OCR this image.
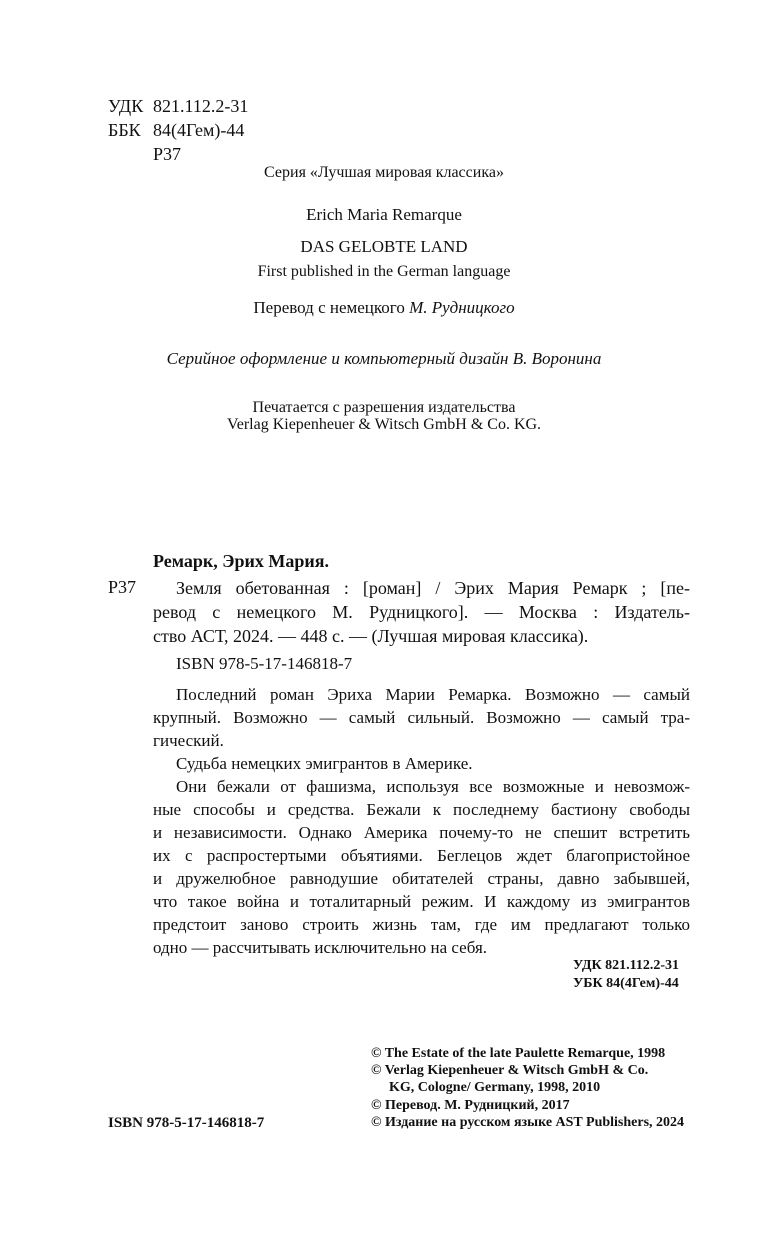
УДК 821.112.2-31
ББК 84(4Гем)-44
Р37
Серия «Лучшая мировая классика»
Erich Maria Remarque
DAS GELOBTE LAND
First published in the German language
Перевод с немецкого М. Рудницкого
Серийное оформление и компьютерный дизайн В. Воронина
Печатается с разрешения издательства
Verlag Kiepenheuer & Witsch GmbH & Co. KG.
Ремарк, Эрих Мария.
Р37 Земля обетованная : [роман] / Эрих Мария Ремарк ; [пе-
ревод с немецкого М. Рудницкого]. — Москва : Издатель-
ство АСТ, 2024. — 448 с. — (Лучшая мировая классика).
ISBN 978-5-17-146818-7
Последний роман Эриха Марии Ремарка. Возможно — самый
крупный. Возможно — самый сильный. Возможно — самый тра-
гический.
Судьба немецких эмигрантов в Америке.
Они бежали от фашизма, используя все возможные и невозмож-
ные способы и средства. Бежали к последнему бастиону свободы
и независимости. Однако Америка почему-то не спешит встретить
их с распростертыми объятиями. Беглецов ждет благопристойное
и дружелюбное равнодушие обитателей страны, давно забывшей,
что такое война и тоталитарный режим. И каждому из эмигрантов
предстоит заново строить жизнь там, где им предлагают только
одно — рассчитывать исключительно на себя.
УДК 821.112.2-31
УБК 84(4Гем)-44
ISBN 978-5-17-146818-7
© The Estate of the late Paulette Remarque, 1998
© Verlag Kiepenheuer & Witsch GmbH & Co.
KG, Cologne/ Germany, 1998, 2010
© Перевод. М. Рудницкий, 2017
© Издание на русском языке AST Publishers, 2024
